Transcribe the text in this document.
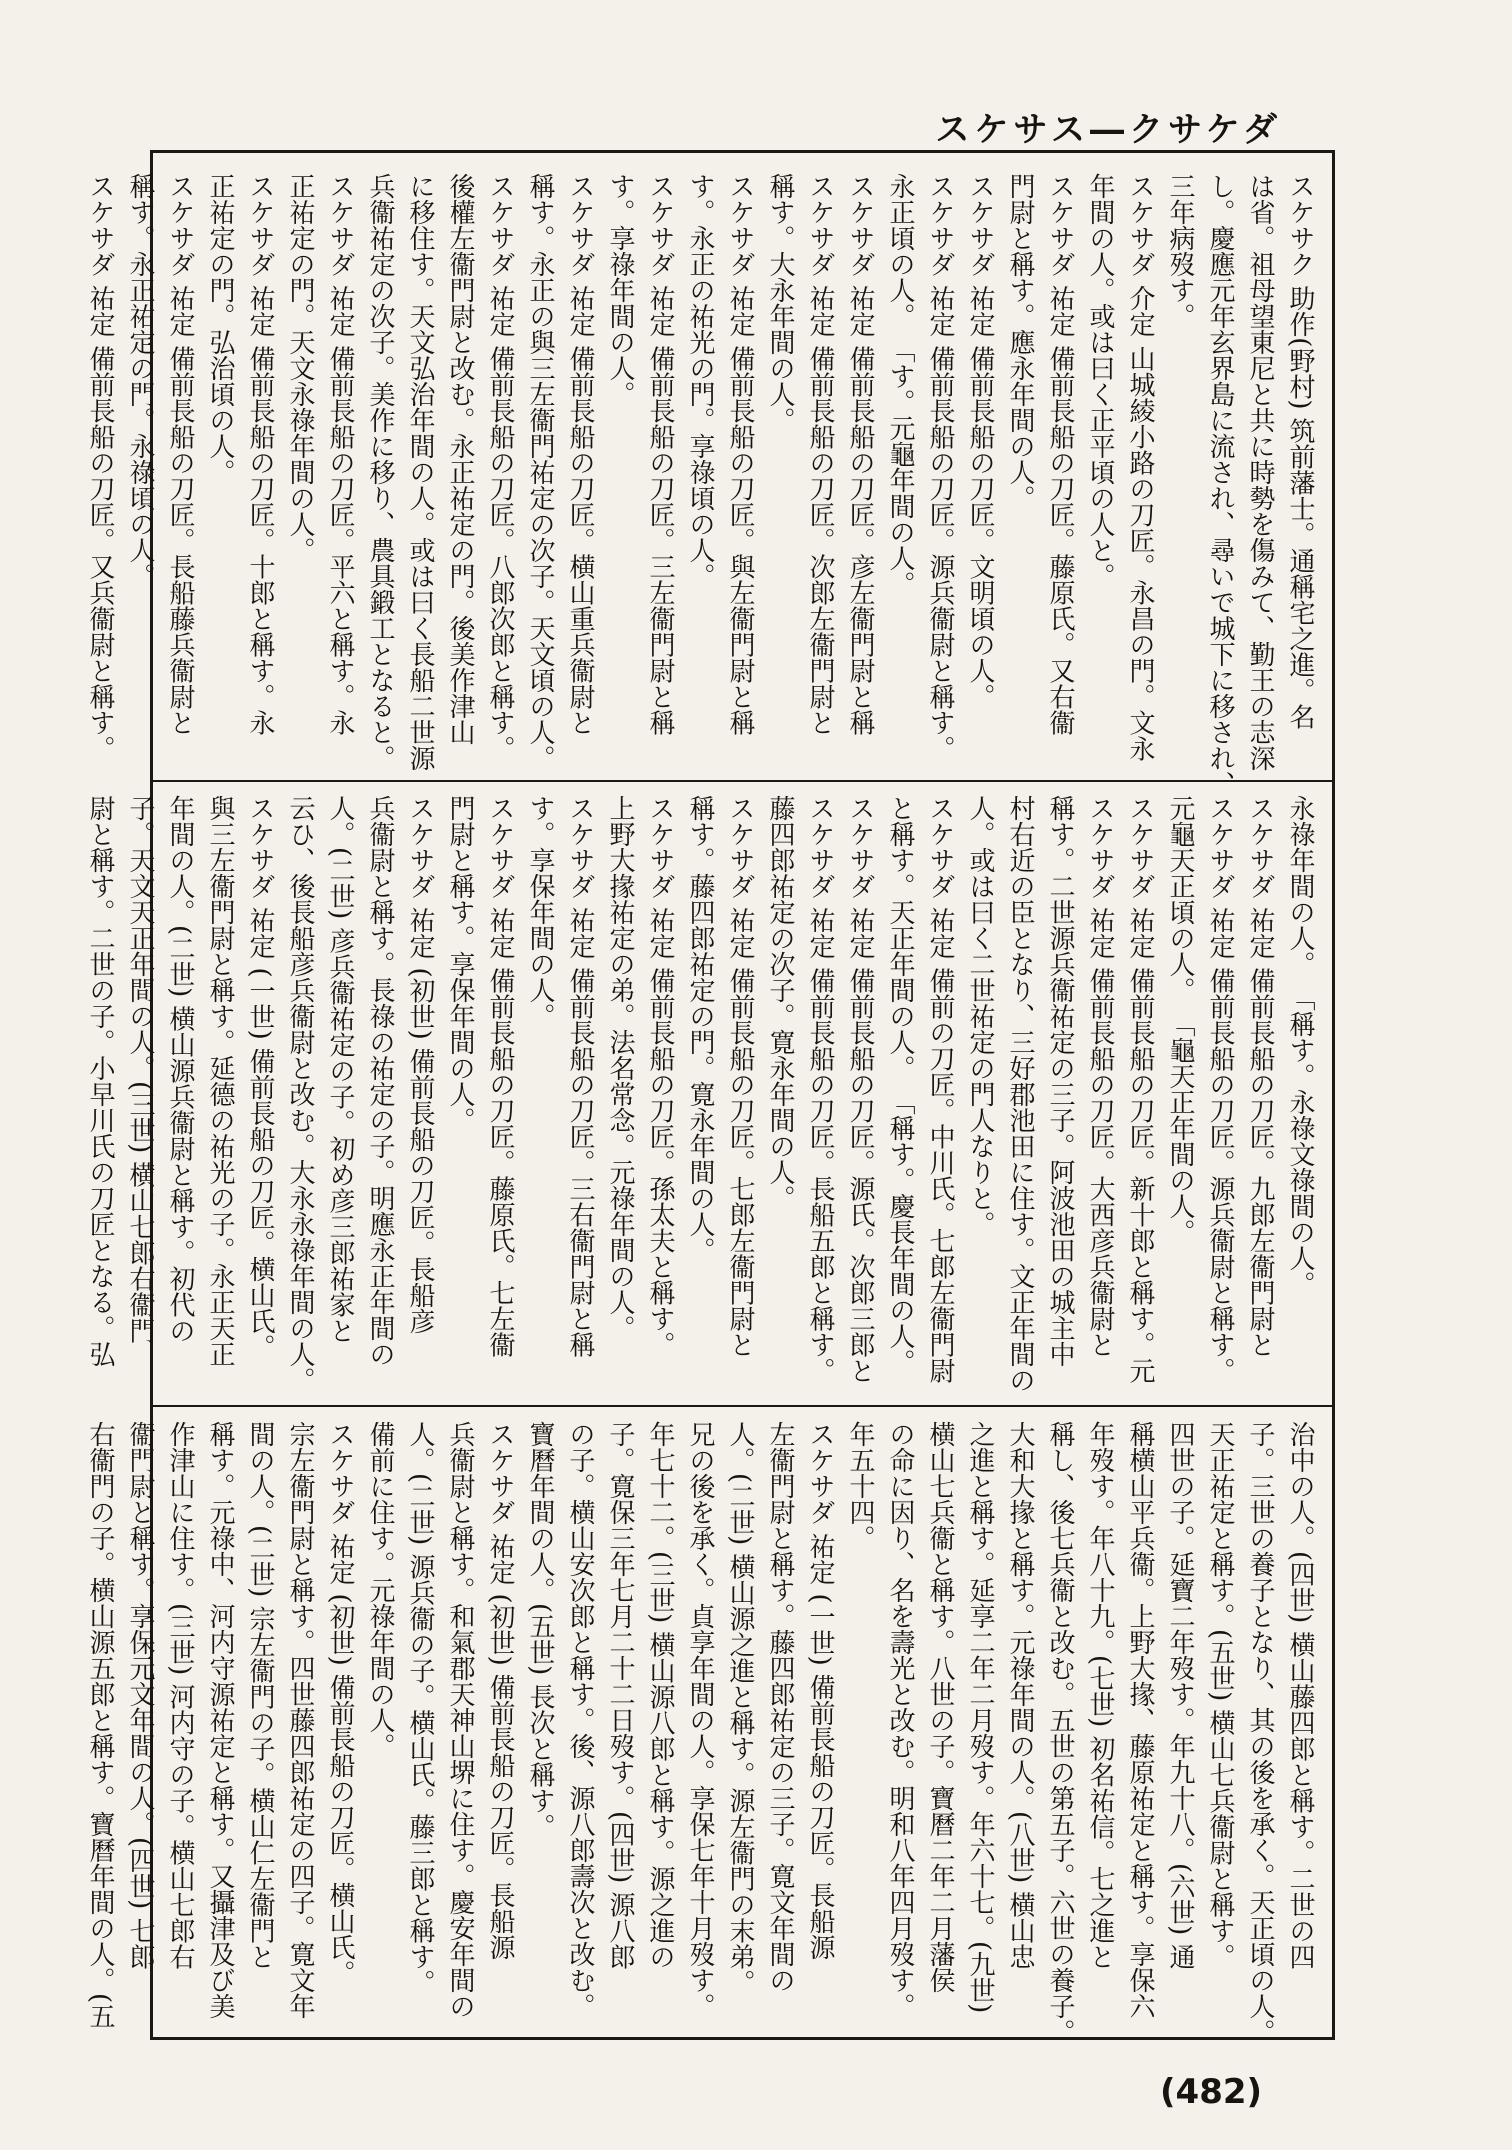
スケサス―クサケダ
スケサク 助作(野村) 筑前藩士。通稱宅之進。名
は省。祖母望東尼と共に時勢を傷みて、勤王の志深
し。慶應元年玄界島に流され、尋いで城下に移され、
三年病歿す。
スケサダ 介定 山城綾小路の刀匠。永昌の門。文永
年間の人。或は曰く正平頃の人と。
スケサダ 祐定 備前長船の刀匠。藤原氏。又右衞
門尉と稱す。應永年間の人。
スケサダ 祐定 備前長船の刀匠。文明頃の人。
スケサダ 祐定 備前長船の刀匠。源兵衞尉と稱す。
永正頃の人。 「す。元龜年間の人。
スケサダ 祐定 備前長船の刀匠。彦左衞門尉と稱
スケサダ 祐定 備前長船の刀匠。次郎左衞門尉と
稱す。大永年間の人。
スケサダ 祐定 備前長船の刀匠。與左衞門尉と稱
す。永正の祐光の門。享祿頃の人。
スケサダ 祐定 備前長船の刀匠。三左衞門尉と稱
す。享祿年間の人。
スケサダ 祐定 備前長船の刀匠。横山重兵衞尉と
稱す。永正の與三左衞門祐定の次子。天文頃の人。
スケサダ 祐定 備前長船の刀匠。八郎次郎と稱す。
後權左衞門尉と改む。永正祐定の門。後美作津山
に移住す。天文弘治年間の人。或は曰く長船二世源
兵衞祐定の次子。美作に移り、農具鍛工となると。
スケサダ 祐定 備前長船の刀匠。平六と稱す。永
正祐定の門。天文永祿年間の人。
スケサダ 祐定 備前長船の刀匠。十郎と稱す。永
正祐定の門。弘治頃の人。
スケサダ 祐定 備前長船の刀匠。長船藤兵衞尉と
稱す。永正祐定の門。永祿頃の人。
スケサダ 祐定 備前長船の刀匠。又兵衞尉と稱す。
永祿年間の人。 「稱す。永祿文祿間の人。
スケサダ 祐定 備前長船の刀匠。九郎左衞門尉と
スケサダ 祐定 備前長船の刀匠。源兵衞尉と稱す。
元龜天正頃の人。 「龜天正年間の人。
スケサダ 祐定 備前長船の刀匠。新十郎と稱す。元
スケサダ 祐定 備前長船の刀匠。大西彦兵衞尉と
稱す。二世源兵衞祐定の三子。阿波池田の城主中
村右近の臣となり、三好郡池田に住す。文正年間の
人。或は曰く二世祐定の門人なりと。
スケサダ 祐定 備前の刀匠。中川氏。七郎左衞門尉
と稱す。天正年間の人。 「稱す。慶長年間の人。
スケサダ 祐定 備前長船の刀匠。源氏。次郎三郎と
スケサダ 祐定 備前長船の刀匠。長船五郎と稱す。
藤四郎祐定の次子。寛永年間の人。
スケサダ 祐定 備前長船の刀匠。七郎左衞門尉と
稱す。藤四郎祐定の門。寛永年間の人。
スケサダ 祐定 備前長船の刀匠。孫太夫と稱す。
上野大掾祐定の弟。法名常念。元祿年間の人。
スケサダ 祐定 備前長船の刀匠。三右衞門尉と稱
す。享保年間の人。
スケサダ 祐定 備前長船の刀匠。藤原氏。七左衞
門尉と稱す。享保年間の人。
スケサダ 祐定 (初世) 備前長船の刀匠。長船彦
兵衞尉と稱す。長祿の祐定の子。明應永正年間の
人。(二世) 彦兵衞祐定の子。初め彦三郎祐家と
云ひ、後長船彦兵衞尉と改む。大永永祿年間の人。
スケサダ 祐定 (一世) 備前長船の刀匠。横山氏。
與三左衞門尉と稱す。延德の祐光の子。永正天正
年間の人。(二世) 横山源兵衞尉と稱す。初代の
子。天文天正年間の人。(三世) 横山七郎右衞門
尉と稱す。二世の子。小早川氏の刀匠となる。弘
治中の人。(四世) 横山藤四郎と稱す。二世の四
子。三世の養子となり、其の後を承く。天正頃の人。
天正祐定と稱す。(五世) 横山七兵衞尉と稱す。
四世の子。延寶二年歿す。年九十八。(六世) 通
稱横山平兵衞。上野大掾、藤原祐定と稱す。享保六
年歿す。年八十九。(七世) 初名祐信。七之進と
稱し、後七兵衞と改む。五世の第五子。六世の養子。
大和大掾と稱す。元祿年間の人。(八世) 横山忠
之進と稱す。延享二年二月歿す。年六十七。(九世)
横山七兵衞と稱す。八世の子。寶曆二年二月藩侯
の命に因り、名を壽光と改む。明和八年四月歿す。
年五十四。
スケサダ 祐定 (一世) 備前長船の刀匠。長船源
左衞門尉と稱す。藤四郎祐定の三子。寛文年間の
人。(二世) 横山源之進と稱す。源左衞門の末弟。
兄の後を承く。貞享年間の人。享保七年十月歿す。
年七十二。(三世) 横山源八郎と稱す。源之進の
子。寛保三年七月二十二日歿す。(四世) 源八郎
の子。横山安次郎と稱す。後、源八郎壽次と改む。
寶曆年間の人。(五世) 長次と稱す。
スケサダ 祐定 (初世) 備前長船の刀匠。長船源
兵衞尉と稱す。和氣郡天神山堺に住す。慶安年間の
人。(二世) 源兵衞の子。横山氏。藤三郎と稱す。
備前に住す。元祿年間の人。
スケサダ 祐定 (初世) 備前長船の刀匠。横山氏。
宗左衞門尉と稱す。四世藤四郎祐定の四子。寛文年
間の人。(二世) 宗左衞門の子。横山仁左衞門と
稱す。元祿中、河内守源祐定と稱す。又攝津及び美
作津山に住す。(三世) 河内守の子。横山七郎右
衞門尉と稱す。享保元文年間の人。(四世) 七郎
右衞門の子。横山源五郎と稱す。寶曆年間の人。(五
(482)
